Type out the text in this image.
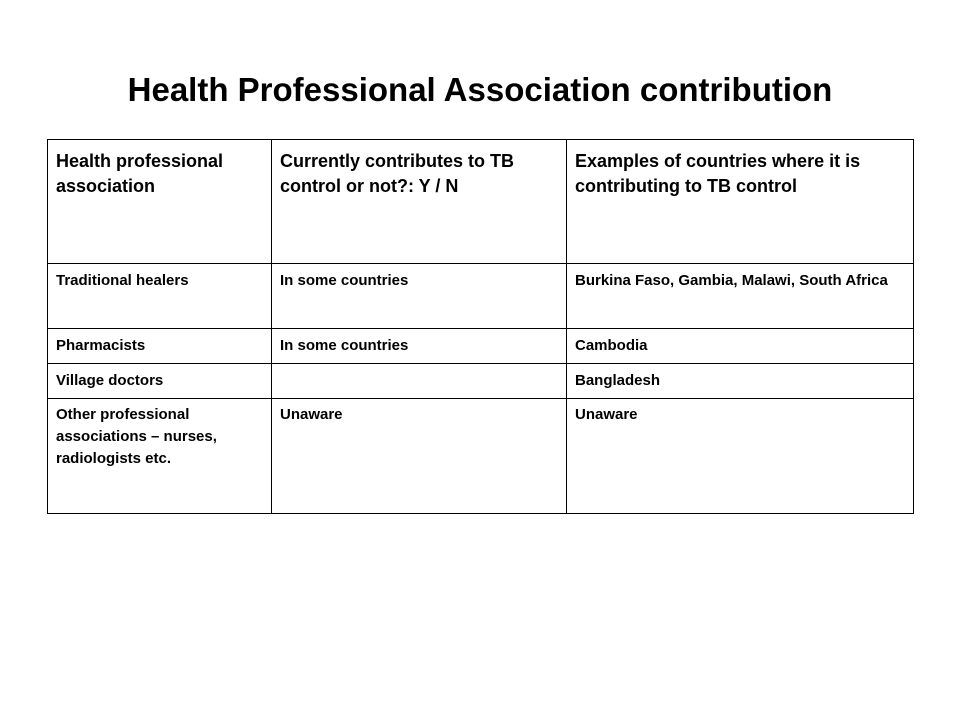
Health Professional Association contribution
Health professional association	Currently contributes to TB control or not?: Y / N	Examples of countries where it is contributing to TB control
Traditional healers	In some countries	Burkina Faso, Gambia, Malawi, South Africa
Pharmacists	In some countries	Cambodia
Village doctors		Bangladesh
Other professional associations – nurses, radiologists etc.	Unaware	Unaware
